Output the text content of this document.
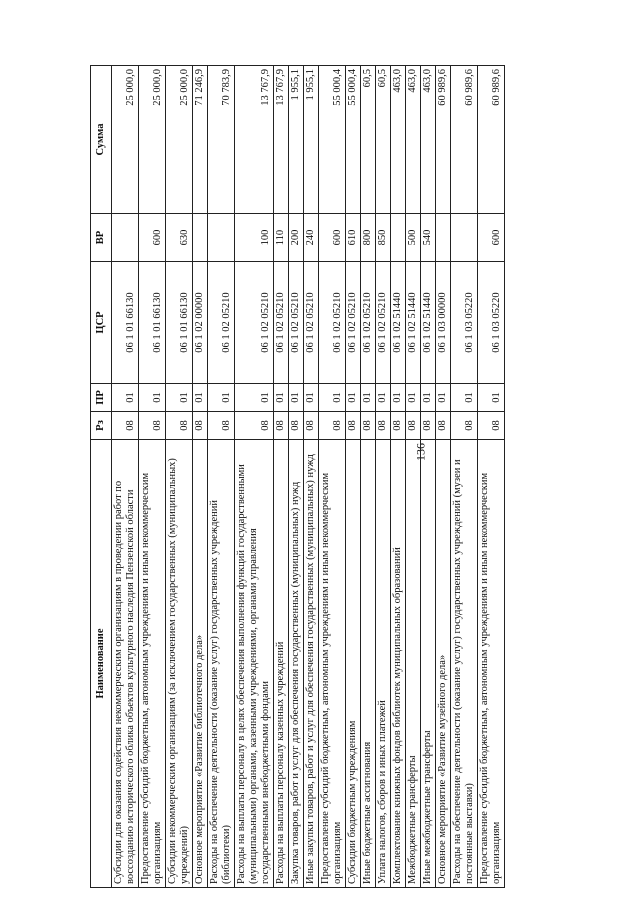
136
Наименование	Рз	ПР	ЦСР	ВР	Сумма
Субсидии для оказания содействия некоммерческим организациям в проведении работ по воссозданию исторического облика объектов культурного наследия Пензенской области	08	01	06 1 01 66130		25 000,0
Предоставление субсидий бюджетным, автономным учреждениям и иным некоммерческим организациям	08	01	06 1 01 66130	600	25 000,0
Субсидии некоммерческим организациям (за исключением государственных (муниципальных) учреждений)	08	01	06 1 01 66130	630	25 000,0
Основное мероприятие «Развитие библиотечного дела»	08	01	06 1 02 00000		71 246,9
Расходы на обеспечение деятельности (оказание услуг) государственных учреждений (библиотеки)	08	01	06 1 02 05210		70 783,9
Расходы на выплаты персоналу в целях обеспечения выполнения функций государственными (муниципальными) органами, казенными учреждениями, органами управления государственными внебюджетными фондами	08	01	06 1 02 05210	100	13 767,9
Расходы на выплаты персоналу казенных учреждений	08	01	06 1 02 05210	110	13 767,9
Закупка товаров, работ и услуг для обеспечения государственных (муниципальных) нужд	08	01	06 1 02 05210	200	1 955,1
Иные закупки товаров, работ и услуг для обеспечения государственных (муниципальных) нужд	08	01	06 1 02 05210	240	1 955,1
Предоставление субсидий бюджетным, автономным учреждениям и иным некоммерческим организациям	08	01	06 1 02 05210	600	55 000,4
Субсидии бюджетным учреждениям	08	01	06 1 02 05210	610	55 000,4
Иные бюджетные ассигнования	08	01	06 1 02 05210	800	60,5
Уплата налогов, сборов и иных платежей	08	01	06 1 02 05210	850	60,5
Комплектование книжных фондов библиотек муниципальных образований	08	01	06 1 02 51440		463,0
Межбюджетные трансферты	08	01	06 1 02 51440	500	463,0
Иные межбюджетные трансферты	08	01	06 1 02 51440	540	463,0
Основное мероприятие «Развитие музейного дела»	08	01	06 1 03 00000		60 989,6
Расходы на обеспечение деятельности (оказание услуг) государственных учреждений (музеи и постоянные выставки)	08	01	06 1 03 05220		60 989,6
Предоставление субсидий бюджетным, автономным учреждениям и иным некоммерческим организациям	08	01	06 1 03 05220	600	60 989,6
